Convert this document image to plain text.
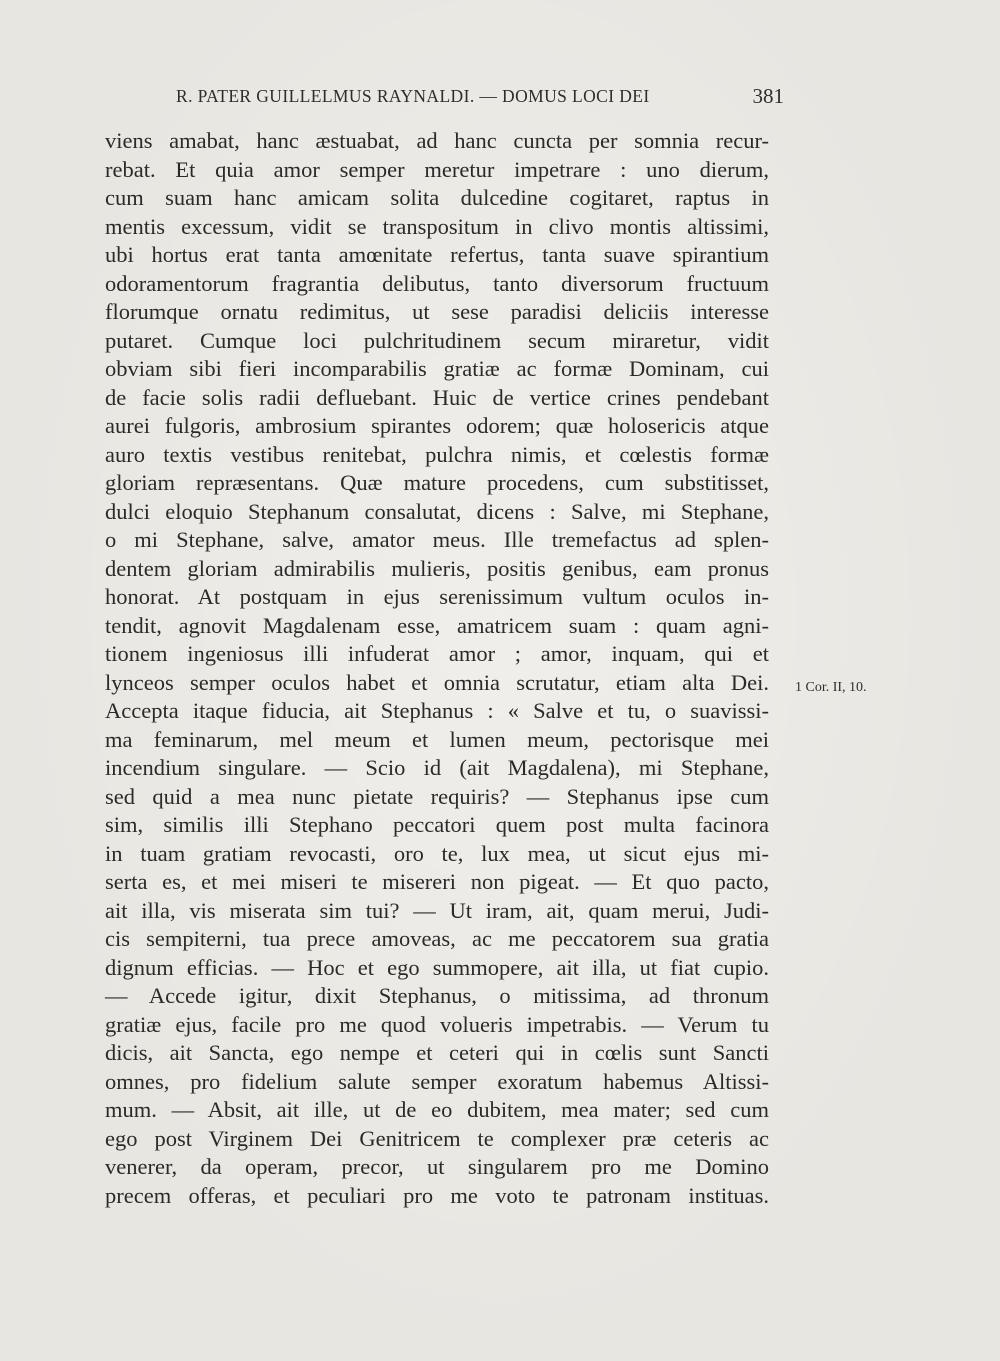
R. PATER GUILLELMUS RAYNALDI. — DOMUS LOCI DEI	381
viens amabat, hanc æstuabat, ad hanc cuncta per somnia recur-
rebat. Et quia amor semper meretur impetrare : uno dierum,
cum suam hanc amicam solita dulcedine cogitaret, raptus in
mentis excessum, vidit se transpositum in clivo montis altissimi,
ubi hortus erat tanta amœnitate refertus, tanta suave spirantium
odoramentorum fragrantia delibutus, tanto diversorum fructuum
florumque ornatu redimitus, ut sese paradisi deliciis interesse
putaret. Cumque loci pulchritudinem secum miraretur, vidit
obviam sibi fieri incomparabilis gratiæ ac formæ Dominam, cui
de facie solis radii defluebant. Huic de vertice crines pendebant
aurei fulgoris, ambrosium spirantes odorem; quæ holosericis atque
auro textis vestibus renitebat, pulchra nimis, et cœlestis formæ
gloriam repræsentans. Quæ mature procedens, cum substitisset,
dulci eloquio Stephanum consalutat, dicens : Salve, mi Stephane,
o mi Stephane, salve, amator meus. Ille tremefactus ad splen-
dentem gloriam admirabilis mulieris, positis genibus, eam pronus
honorat. At postquam in ejus serenissimum vultum oculos in-
tendit, agnovit Magdalenam esse, amatricem suam : quam agni-
tionem ingeniosus illi infuderat amor ; amor, inquam, qui et
lynceos semper oculos habet et omnia scrutatur, etiam alta Dei.
Accepta itaque fiducia, ait Stephanus : « Salve et tu, o suavissi-
ma feminarum, mel meum et lumen meum, pectorisque mei
incendium singulare. — Scio id (ait Magdalena), mi Stephane,
sed quid a mea nunc pietate requiris? — Stephanus ipse cum
sim, similis illi Stephano peccatori quem post multa facinora
in tuam gratiam revocasti, oro te, lux mea, ut sicut ejus mi-
serta es, et mei miseri te misereri non pigeat. — Et quo pacto,
ait illa, vis miserata sim tui? — Ut iram, ait, quam merui, Judi-
cis sempiterni, tua prece amoveas, ac me peccatorem sua gratia
dignum efficias. — Hoc et ego summopere, ait illa, ut fiat cupio.
— Accede igitur, dixit Stephanus, o mitissima, ad thronum
gratiæ ejus, facile pro me quod volueris impetrabis. — Verum tu
dicis, ait Sancta, ego nempe et ceteri qui in cœlis sunt Sancti
omnes, pro fidelium salute semper exoratum habemus Altissi-
mum. — Absit, ait ille, ut de eo dubitem, mea mater; sed cum
ego post Virginem Dei Genitricem te complexer præ ceteris ac
venerer, da operam, precor, ut singularem pro me Domino
precem offeras, et peculiari pro me voto te patronam instituas.
1 Cor. II, 10.
